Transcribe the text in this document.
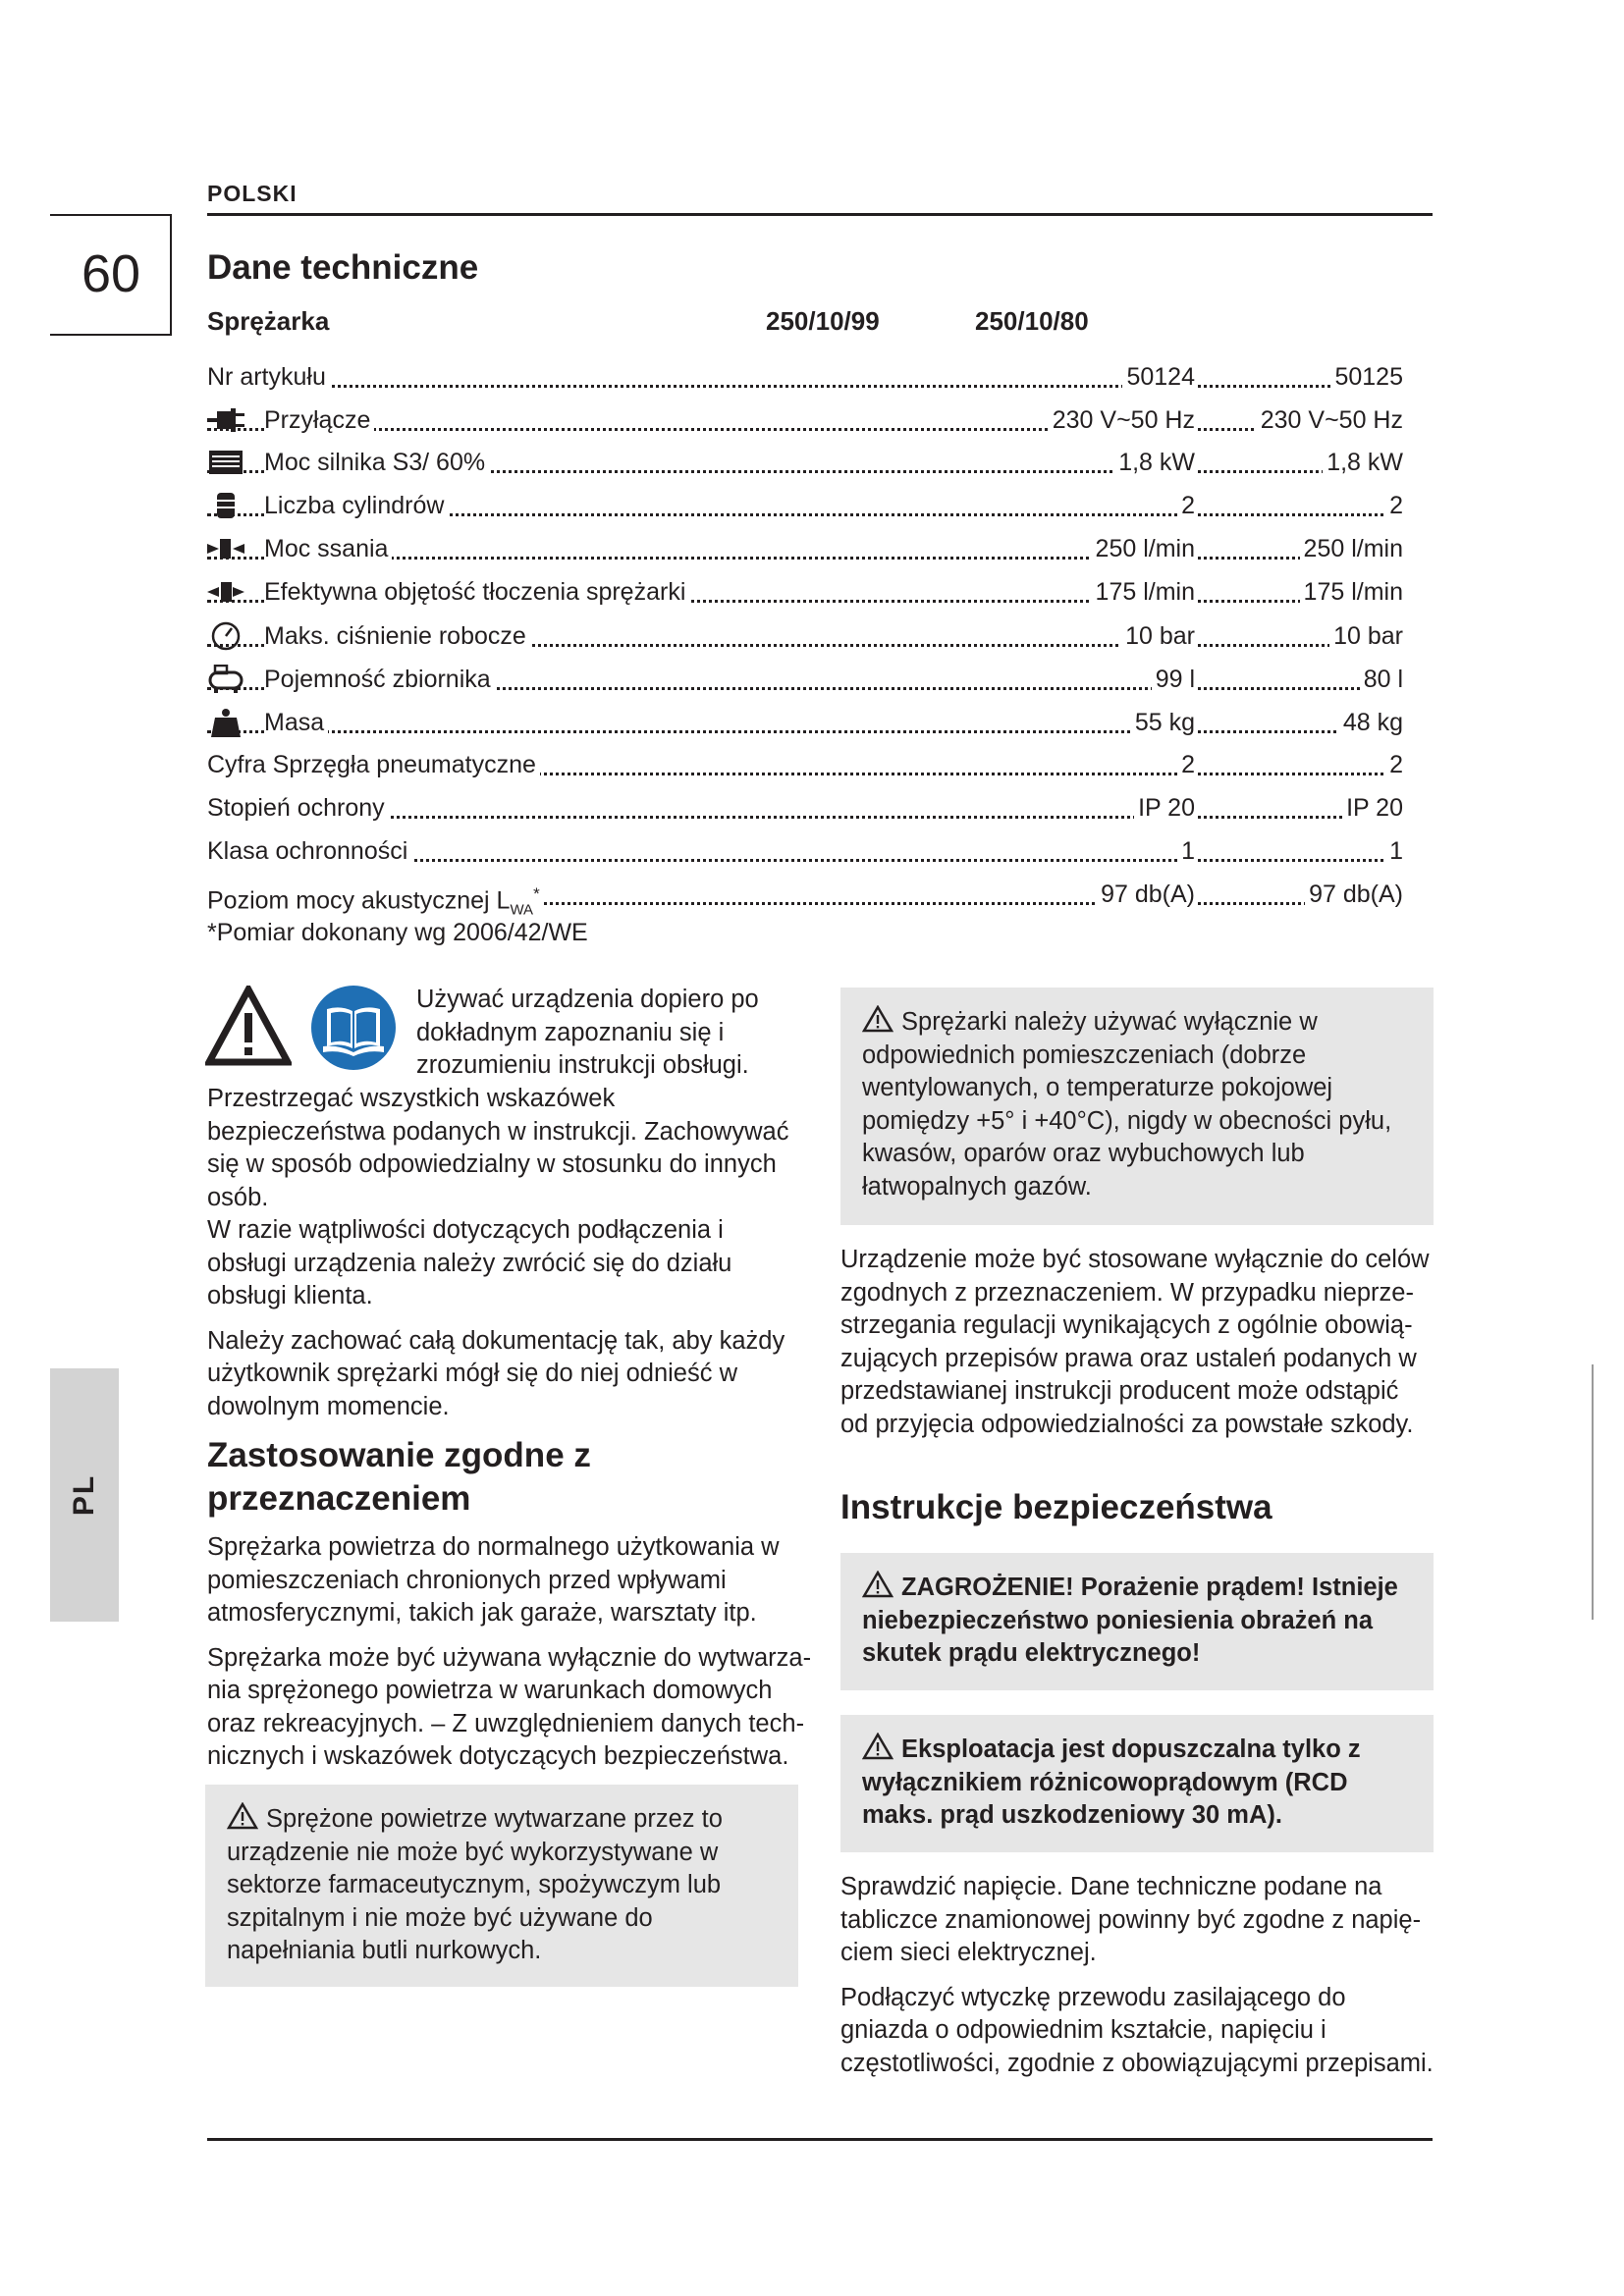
POLSKI
60
PL
Dane techniczne
Sprężarka	250/10/99	250/10/80
Nr artykułu	50124	50125
Przyłącze	230 V~50 Hz	230 V~50 Hz
Moc silnika S3/ 60%	1,8 kW	1,8 kW
Liczba cylindrów	2	2
Moc ssania	250 l/min	250 l/min
Efektywna objętość tłoczenia sprężarki	175 l/min	175 l/min
Maks. ciśnienie robocze	10 bar	10 bar
Pojemność zbiornika	99 l	80 l
Masa	55 kg	48 kg
Cyfra Sprzęgła pneumatyczne	2	2
Stopień ochrony	IP 20	IP 20
Klasa ochronności	1	1
Poziom mocy akustycznej $L_{WA}^*$	97 db(A)	97 db(A)
*Pomiar dokonany wg 2006/42/WE
Używać urządzenia dopiero po
dokładnym zapoznaniu się i
zrozumieniu instrukcji obsługi.

Przestrzegać wszystkich wskazówek bezpieczeństwa podanych w instrukcji. Zachowywać się w sposób odpowiedzialny w stosunku do innych osób.

W razie wątpliwości dotyczących podłączenia i obsługi urządzenia należy zwrócić się do działu obsługi klienta.

Należy zachować całą dokumentację tak, aby każdy użytkownik sprężarki mógł się do niej odnieść w dowolnym momencie.

Zastosowanie zgodne z przeznaczeniem

Sprężarka powietrza do normalnego użytkowania w pomieszczeniach chronionych przed wpływami atmosferycznymi, takich jak garaże, warsztaty itp.

Sprężarka może być używana wyłącznie do wytwarzania sprężonego powietrza w warunkach domowych oraz rekreacyjnych. – Z uwzględnieniem danych technicznych i wskazówek dotyczących bezpieczeństwa.

Sprężone powietrze wytwarzane przez to urządzenie nie może być wykorzystywane w sektorze farmaceutycznym, spożywczym lub szpitalnym i nie może być używane do napełniania butli nurkowych.
Sprężarki należy używać wyłącznie w odpowiednich pomieszczeniach (dobrze wentylowanych, o temperaturze pokojowej pomiędzy +5° i +40°C), nigdy w obecności pyłu, kwasów, oparów oraz wybuchowych lub łatwopalnych gazów.

Urządzenie może być stosowane wyłącznie do celów zgodnych z przeznaczeniem. W przypadku nieprzestrzegania regulacji wynikających z ogólnie obowiązujących przepisów prawa oraz ustaleń podanych w przedstawianej instrukcji producent może odstąpić od przyjęcia odpowiedzialności za powstałe szkody.

Instrukcje bezpieczeństwa
ZAGROŻENIE! Porażenie prądem! Istnieje niebezpieczeństwo poniesienia obrażeń na skutek prądu elektrycznego!
Eksploatacja jest dopuszczalna tylko z wyłącznikiem różnicowoprądowym (RCD maks. prąd uszkodzeniowy 30 mA).

Sprawdzić napięcie. Dane techniczne podane na tabliczce znamionowej powinny być zgodne z napięciem sieci elektrycznej.

Podłączyć wtyczkę przewodu zasilającego do gniazda o odpowiednim kształcie, napięciu i częstotliwości, zgodnie z obowiązującymi przepisami.
